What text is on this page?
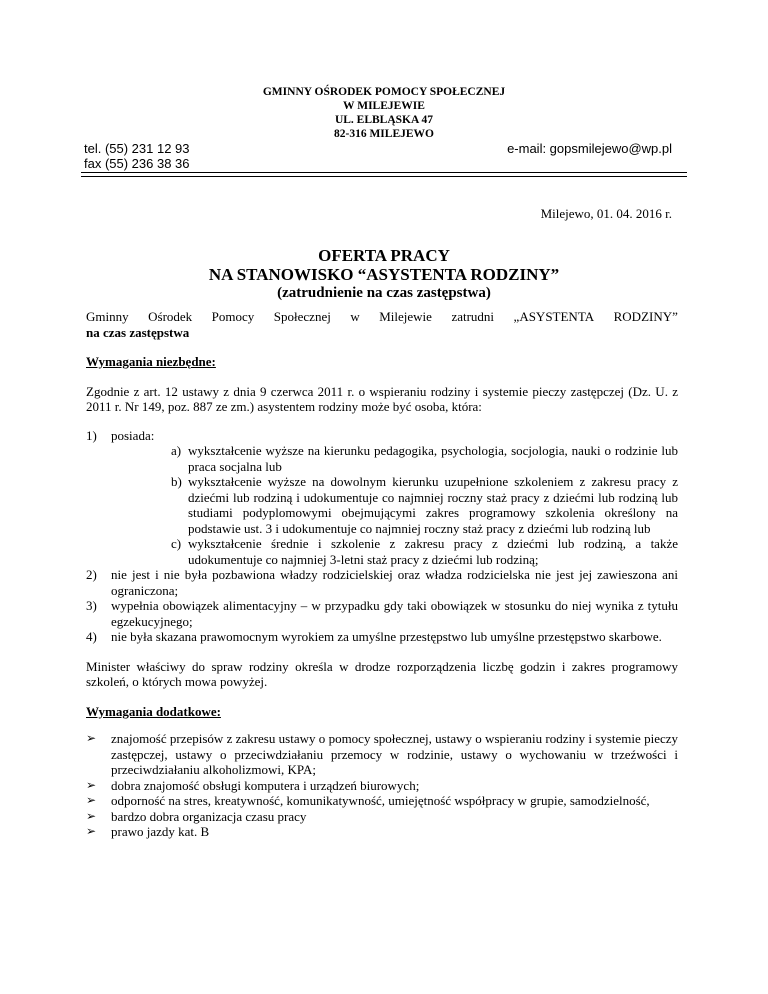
GMINNY OŚRODEK POMOCY SPOŁECZNEJ
W MILEJEWIE
UL. ELBLĄSKA 47
82-316 MILEJEWO
tel. (55) 231 12 93
fax (55) 236 38 36
e-mail: gopsmilejewo@wp.pl
Milejewo, 01. 04. 2016 r.
OFERTA PRACY
NA STANOWISKO “ASYSTENTA RODZINY”
(zatrudnienie na czas zastępstwa)
Gminny Ośrodek Pomocy Społecznej w Milejewie zatrudni „ASYSTENTA RODZINY”
na czas zastępstwa

Wymagania niezbędne:

Zgodnie z art. 12 ustawy z dnia 9 czerwca 2011 r. o wspieraniu rodziny i systemie pieczy zastępczej (Dz. U. z 2011 r. Nr 149, poz. 887 ze zm.) asystentem rodziny może być osoba, która:

1) posiada:
a) wykształcenie wyższe na kierunku pedagogika, psychologia, socjologia, nauki o rodzinie lub praca socjalna lub
b) wykształcenie wyższe na dowolnym kierunku uzupełnione szkoleniem z zakresu pracy z dziećmi lub rodziną i udokumentuje co najmniej roczny staż pracy z dziećmi lub rodziną lub studiami podyplomowymi obejmującymi zakres programowy szkolenia określony na podstawie ust. 3 i udokumentuje co najmniej roczny staż pracy z dziećmi lub rodziną lub
c) wykształcenie średnie i szkolenie z zakresu pracy z dziećmi lub rodziną, a także udokumentuje co najmniej 3-letni staż pracy z dziećmi lub rodziną;
2) nie jest i nie była pozbawiona władzy rodzicielskiej oraz władza rodzicielska nie jest jej zawieszona ani ograniczona;
3) wypełnia obowiązek alimentacyjny – w przypadku gdy taki obowiązek w stosunku do niej wynika z tytułu egzekucyjnego;
4) nie była skazana prawomocnym wyrokiem za umyślne przestępstwo lub umyślne przestępstwo skarbowe.

Minister właściwy do spraw rodziny określa w drodze rozporządzenia liczbę godzin i zakres programowy szkoleń, o których mowa powyżej.

Wymagania dodatkowe:

➢ znajomość przepisów z zakresu ustawy o pomocy społecznej, ustawy o wspieraniu rodziny i systemie pieczy zastępczej, ustawy o przeciwdziałaniu przemocy w rodzinie, ustawy o wychowaniu w trzeźwości i przeciwdziałaniu alkoholizmowi, KPA;
➢ dobra znajomość obsługi komputera i urządzeń biurowych;
➢ odporność na stres, kreatywność, komunikatywność, umiejętność współpracy w grupie, samodzielność,
➢ bardzo dobra organizacja czasu pracy
➢ prawo jazdy kat. B
